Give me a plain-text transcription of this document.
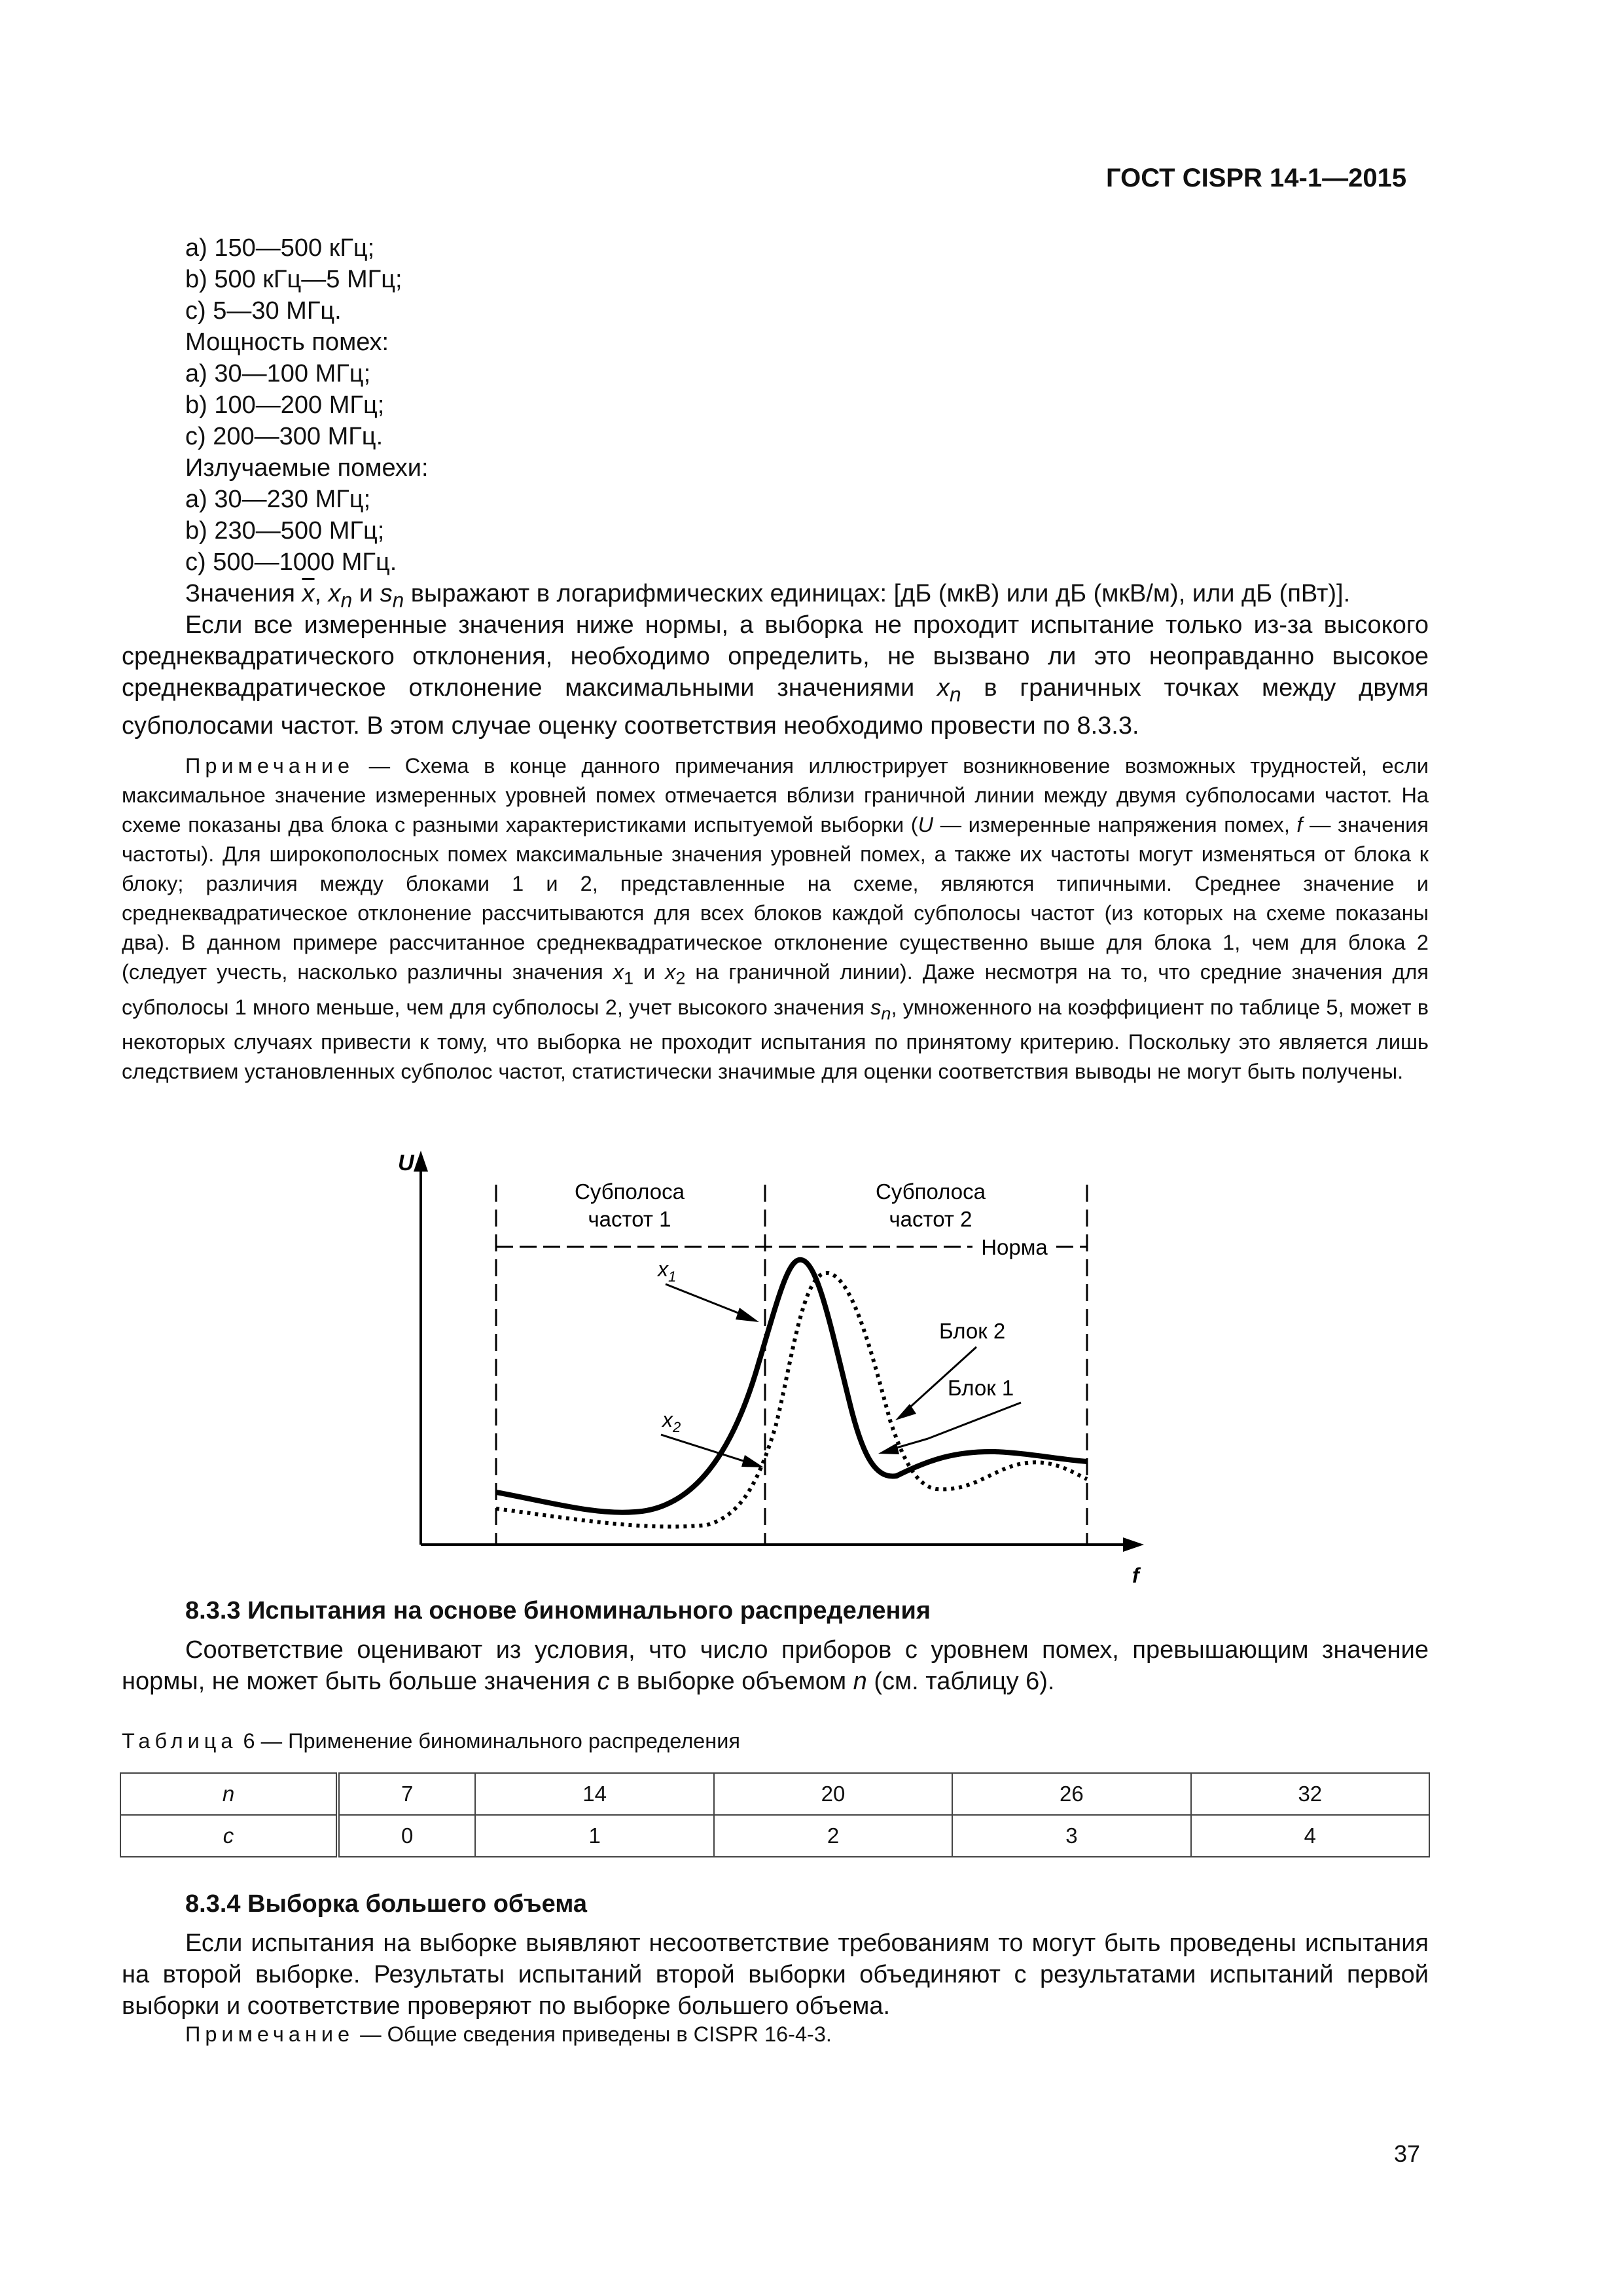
ГОСТ CISPR 14-1—2015
a) 150—500 кГц;
b) 500 кГц—5 МГц;
c) 5—30 МГц.
Мощность помех:
a) 30—100 МГц;
b) 100—200 МГц;
c) 200—300 МГц.
Излучаемые помехи:
a) 30—230 МГц;
b) 230—500 МГц;
c) 500—1000 МГц.
Значения $\overline{x}$, $x_n$ и $s_n$ выражают в логарифмических единицах: [дБ (мкВ) или дБ (мкВ/м), или дБ (пВт)].
Если все измеренные значения ниже нормы, а выборка не проходит испытание только из-за высокого среднеквадратического отклонения, необходимо определить, не вызвано ли это неоправданно высокое среднеквадратическое отклонение максимальными значениями $x_n$ в граничных точках между двумя субполосами частот. В этом случае оценку соответствия необходимо провести по 8.3.3.
Примечание — Схема в конце данного примечания иллюстрирует возникновение возможных трудностей, если максимальное значение измеренных уровней помех отмечается вблизи граничной линии между двумя субполосами частот. На схеме показаны два блока с разными характеристиками испытуемой выборки (U — измеренные напряжения помех, f — значения частоты). Для широкополосных помех максимальные значения уровней помех, а также их частоты могут изменяться от блока к блоку; различия между блоками 1 и 2, представленные на схеме, являются типичными. Среднее значение и среднеквадратическое отклонение рассчитываются для всех блоков каждой субполосы частот (из которых на схеме показаны два). В данном примере рассчитанное среднеквадратическое отклонение существенно выше для блока 1, чем для блока 2 (следует учесть, насколько различны значения $x_1$ и $x_2$ на граничной линии). Даже несмотря на то, что средние значения для субполосы 1 много меньше, чем для субполосы 2, учет высокого значения $s_n$, умноженного на коэффициент по таблице 5, может в некоторых случаях привести к тому, что выборка не проходит испытания по принятому критерию. Поскольку это является лишь следствием установленных субполос частот, статистически значимые для оценки соответствия выводы не могут быть получены.
U
f
Норма
Субполоса
частот 1
Субполоса
частот 2
$x_1$
$x_2$
Блок 2
Блок 1
8.3.3 Испытания на основе биноминального распределения
Соответствие оценивают из условия, что число приборов с уровнем помех, превышающим значение нормы, не может быть больше значения c в выборке объемом n (см. таблицу 6).
Таблица 6 — Применение биноминального распределения
n	7	14	20	26	32
c	0	1	2	3	4
8.3.4 Выборка большего объема
Если испытания на выборке выявляют несоответствие требованиям то могут быть проведены испытания на второй выборке. Результаты испытаний второй выборки объединяют с результатами испытаний первой выборки и соответствие проверяют по выборке большего объема.
Примечание — Общие сведения приведены в CISPR 16-4-3.
37
